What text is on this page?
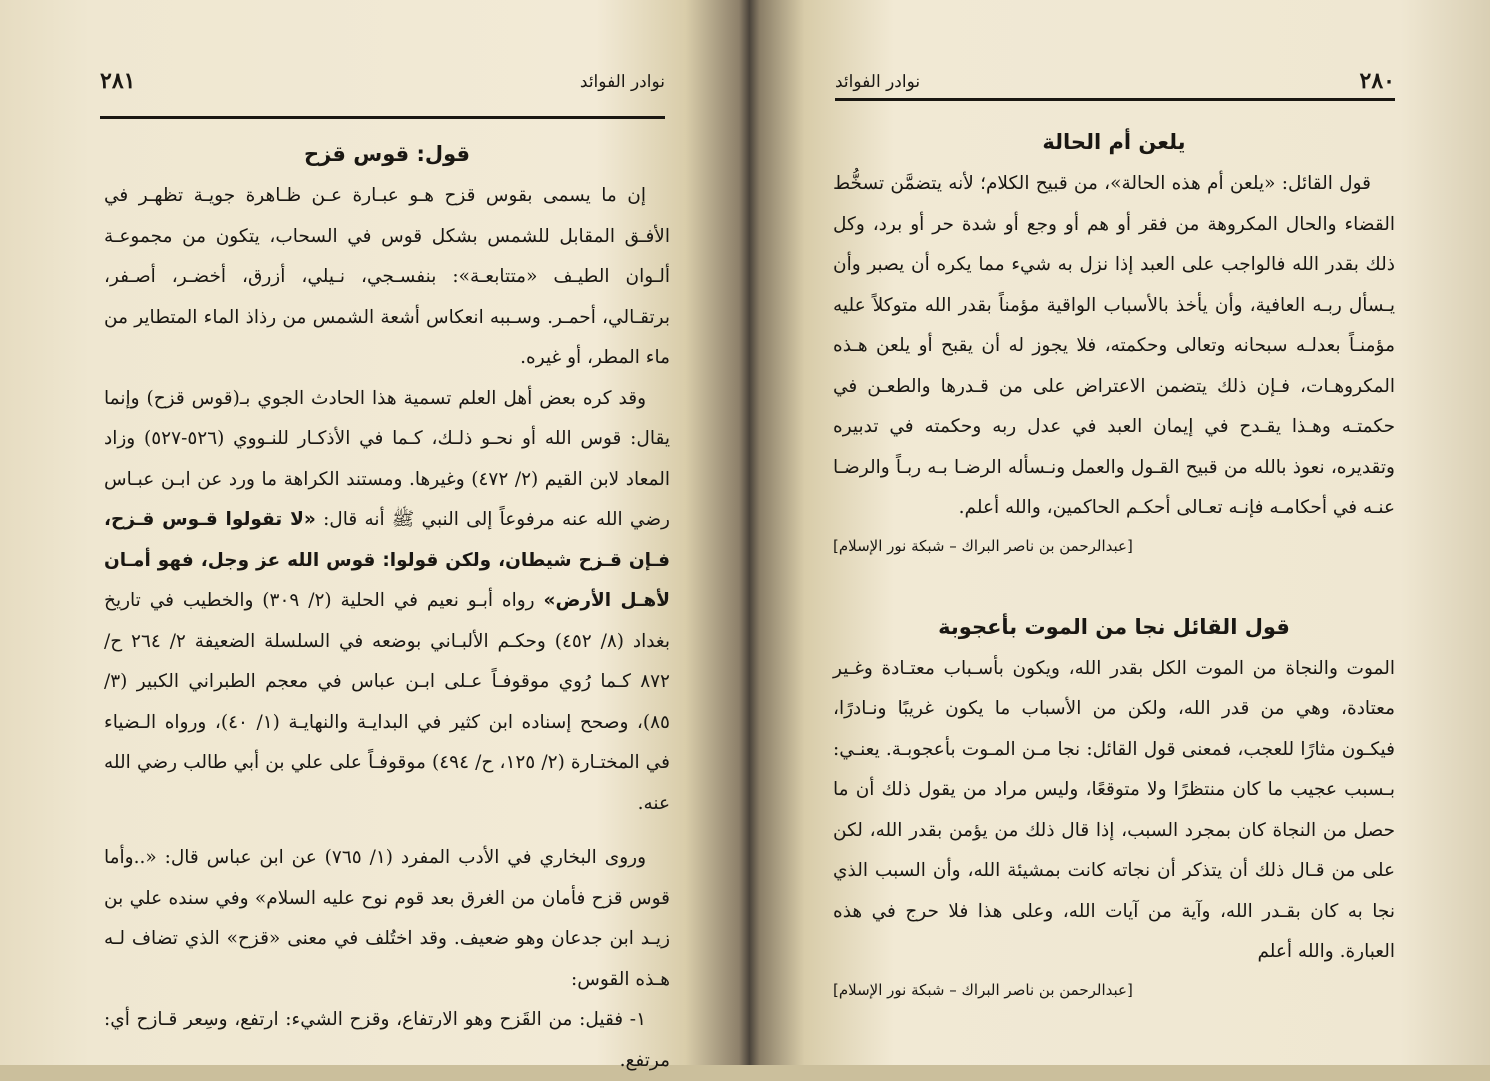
٢٨١	نوادر الفوائد
قول: قوس قزح

إن ما يسمى بقوس قزح هـو عبـارة عـن ظـاهرة جويـة تظهـر في الأفـق المقابل للشمس بشكل قوس في السحاب، يتكون من مجموعـة ألـوان الطيـف «متتابعـة»: بنفسـجي، نـيلي، أزرق، أخضـر، أصـفر، برتقـالي، أحمـر. وسـببه انعكاس أشعة الشمس من رذاذ الماء المتطاير من ماء المطر، أو غيره.

وقد كره بعض أهل العلم تسمية هذا الحادث الجوي بـ(قوس قزح) وإنما يقال: قوس الله أو نحـو ذلـك، كـما في الأذكـار للنـووي (٥٢٦-٥٢٧) وزاد المعاد لابن القيم (٢/ ٤٧٢) وغيرها. ومستند الكراهة ما ورد عن ابـن عبـاس رضي الله عنه مرفوعاً إلى النبي ﷺ أنه قال: «لا تقولوا قـوس قـزح، فـإن قـزح شيطان، ولكن قولوا: قوس الله عز وجل، فهو أمـان لأهـل الأرض» رواه أبـو نعيم في الحلية (٢/ ٣٠٩) والخطيب في تاريخ بغداد (٨/ ٤٥٢) وحكـم الألبـاني بوضعه في السلسلة الضعيفة ٢/ ٢٦٤ ح/ ٨٧٢ كـما رُوي موقوفـاً عـلى ابـن عباس في معجم الطبراني الكبير (٣/ ٨٥)، وصحح إسناده ابن كثير في البدايـة والنهايـة (١/ ٤٠)، ورواه الـضياء في المختـارة (٢/ ١٢٥، ح/ ٤٩٤) موقوفـاً على علي بن أبي طالب رضي الله عنه.

وروى البخاري في الأدب المفرد (١/ ٧٦٥) عن ابن عباس قال: «..وأما قوس قزح فأمان من الغرق بعد قوم نوح عليه السلام» وفي سنده علي بن زيـد ابن جدعان وهو ضعيف. وقد اختُلف في معنى «قزح» الذي تضاف لـه هـذه القوس:

١- فقيل: من القَزح وهو الارتفاع، وقزح الشيء: ارتفع، وسِعر قـازح أي: مرتفع.

٢٨٠
نوادر الفوائد
يلعن أم الحالة

قول القائل: «يلعن أم هذه الحالة»، من قبيح الكلام؛ لأنه يتضمَّن تسخُّط القضاء والحال المكروهة من فقر أو هم أو وجع أو شدة حر أو برد، وكل ذلك بقدر الله فالواجب على العبد إذا نزل به شيء مما يكره أن يصبر وأن يـسأل ربـه العافية، وأن يأخذ بالأسباب الواقية مؤمناً بقدر الله متوكلاً عليه مؤمنـاً بعدلـه سبحانه وتعالى وحكمته، فلا يجوز له أن يقبح أو يلعن هـذه المكروهـات، فـإن ذلك يتضمن الاعتراض على من قـدرها والطعـن في حكمتـه وهـذا يقـدح في إيمان العبد في عدل ربه وحكمته في تدبيره وتقديره، نعوذ بالله من قبيح القـول والعمل ونـسأله الرضـا بـه ربـاً والرضـا عنـه في أحكامـه فإنـه تعـالى أحكـم الحاكمين، والله أعلم.

[عبدالرحمن بن ناصر البراك – شبكة نور الإسلام]
قول القائل نجا من الموت بأعجوبة

الموت والنجاة من الموت الكل بقدر الله، ويكون بأسـباب معتـادة وغـير معتادة، وهي من قدر الله، ولكن من الأسباب ما يكون غريبًا ونـادرًا، فيكـون مثارًا للعجب، فمعنى قول القائل: نجا مـن المـوت بأعجوبـة. يعنـي: بـسبب عجيب ما كان منتظرًا ولا متوقعًا، وليس مراد من يقول ذلك أن ما حصل من النجاة كان بمجرد السبب، إذا قال ذلك من يؤمن بقدر الله، لكن على من قـال ذلك أن يتذكر أن نجاته كانت بمشيئة الله، وأن السبب الذي نجا به كان بقـدر الله، وآية من آيات الله، وعلى هذا فلا حرج في هذه العبارة. والله أعلم

[عبدالرحمن بن ناصر البراك – شبكة نور الإسلام]
